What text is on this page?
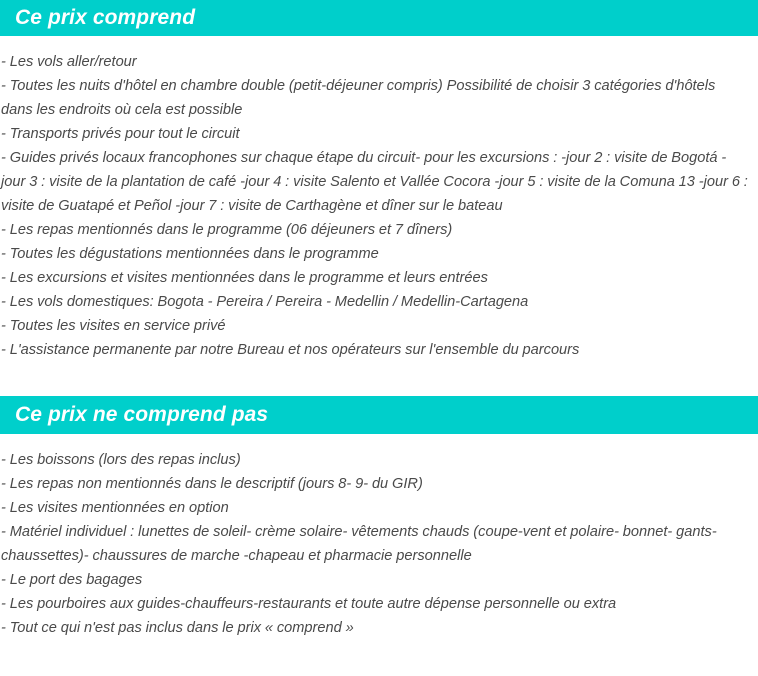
Ce prix comprend

- Les vols aller/retour

- Toutes les nuits d'hôtel en chambre double (petit-déjeuner compris) Possibilité de choisir 3 catégories d'hôtels dans les endroits où cela est possible

- Transports privés pour tout le circuit

- Guides privés locaux francophones sur chaque étape du circuit- pour les excursions : -jour 2 : visite de Bogotá -jour 3 : visite de la plantation de café -jour 4 : visite Salento et Vallée Cocora -jour 5 : visite de la Comuna 13 -jour 6 : visite de Guatapé et Peñol -jour 7 : visite de Carthagène et dîner sur le bateau

- Les repas mentionnés dans le programme (06 déjeuners et 7 dîners)

- Toutes les dégustations mentionnées dans le programme

- Les excursions et visites mentionnées dans le programme et leurs entrées

- Les vols domestiques: Bogota - Pereira / Pereira - Medellin / Medellin-Cartagena

- Toutes les visites en service privé

- L'assistance permanente par notre Bureau et nos opérateurs sur l'ensemble du parcours

Ce prix ne comprend pas

- Les boissons (lors des repas inclus)

- Les repas non mentionnés dans le descriptif (jours 8- 9- du GIR)

- Les visites mentionnées en option

- Matériel individuel : lunettes de soleil- crème solaire- vêtements chauds (coupe-vent et polaire- bonnet- gants-chaussettes)- chaussures de marche -chapeau et pharmacie personnelle

- Le port des bagages

- Les pourboires aux guides-chauffeurs-restaurants et toute autre dépense personnelle ou extra

- Tout ce qui n'est pas inclus dans le prix « comprend »
